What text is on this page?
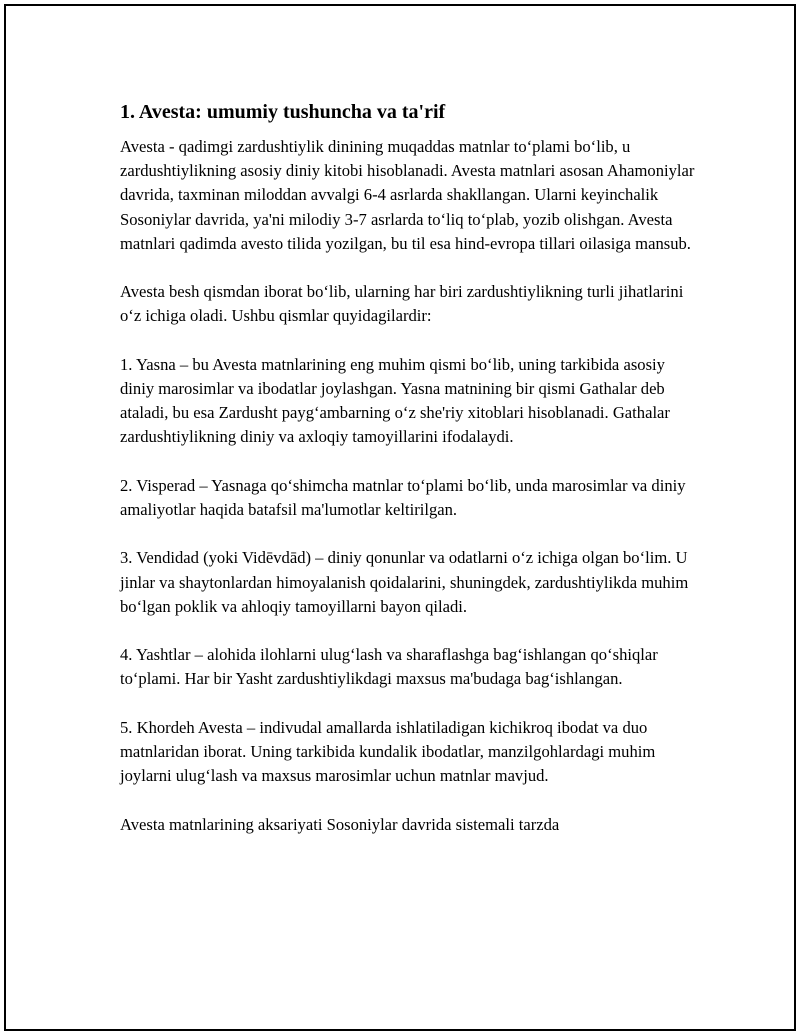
1. Avesta: umumiy tushuncha va ta'rif

Avesta - qadimgi zardushtiylik dinining muqaddas matnlar to‘plami bo‘lib, u zardushtiylikning asosiy diniy kitobi hisoblanadi. Avesta matnlari asosan Ahamoniylar davrida, taxminan miloddan avvalgi 6-4 asrlarda shakllangan. Ularni keyinchalik Sosoniylar davrida, ya'ni milodiy 3-7 asrlarda to‘liq to‘plab, yozib olishgan. Avesta matnlari qadimda avesto tilida yozilgan, bu til esa hind-evropa tillari oilasiga mansub.

Avesta besh qismdan iborat bo‘lib, ularning har biri zardushtiylikning turli jihatlarini o‘z ichiga oladi. Ushbu qismlar quyidagilardir:

1. Yasna – bu Avesta matnlarining eng muhim qismi bo‘lib, uning tarkibida asosiy diniy marosimlar va ibodatlar joylashgan. Yasna matnining bir qismi Gathalar deb ataladi, bu esa Zardusht payg‘ambarning o‘z she'riy xitoblari hisoblanadi. Gathalar zardushtiylikning diniy va axloqiy tamoyillarini ifodalaydi.

2. Visperad – Yasnaga qo‘shimcha matnlar to‘plami bo‘lib, unda marosimlar va diniy amaliyotlar haqida batafsil ma'lumotlar keltirilgan.

3. Vendidad (yoki Vidēvdād) – diniy qonunlar va odatlarni o‘z ichiga olgan bo‘lim. U jinlar va shaytonlardan himoyalanish qoidalarini, shuningdek, zardushtiylikda muhim bo‘lgan poklik va ahloqiy tamoyillarni bayon qiladi.

4. Yashtlar – alohida ilohlarni ulug‘lash va sharaflashga bag‘ishlangan qo‘shiqlar to‘plami. Har bir Yasht zardushtiylikdagi maxsus ma'budaga bag‘ishlangan.

5. Khordeh Avesta – indivudal amallarda ishlatiladigan kichikroq ibodat va duo matnlaridan iborat. Uning tarkibida kundalik ibodatlar, manzilgohlardagi muhim joylarni ulug‘lash va maxsus marosimlar uchun matnlar mavjud.

Avesta matnlarining aksariyati Sosoniylar davrida sistemali tarzda
